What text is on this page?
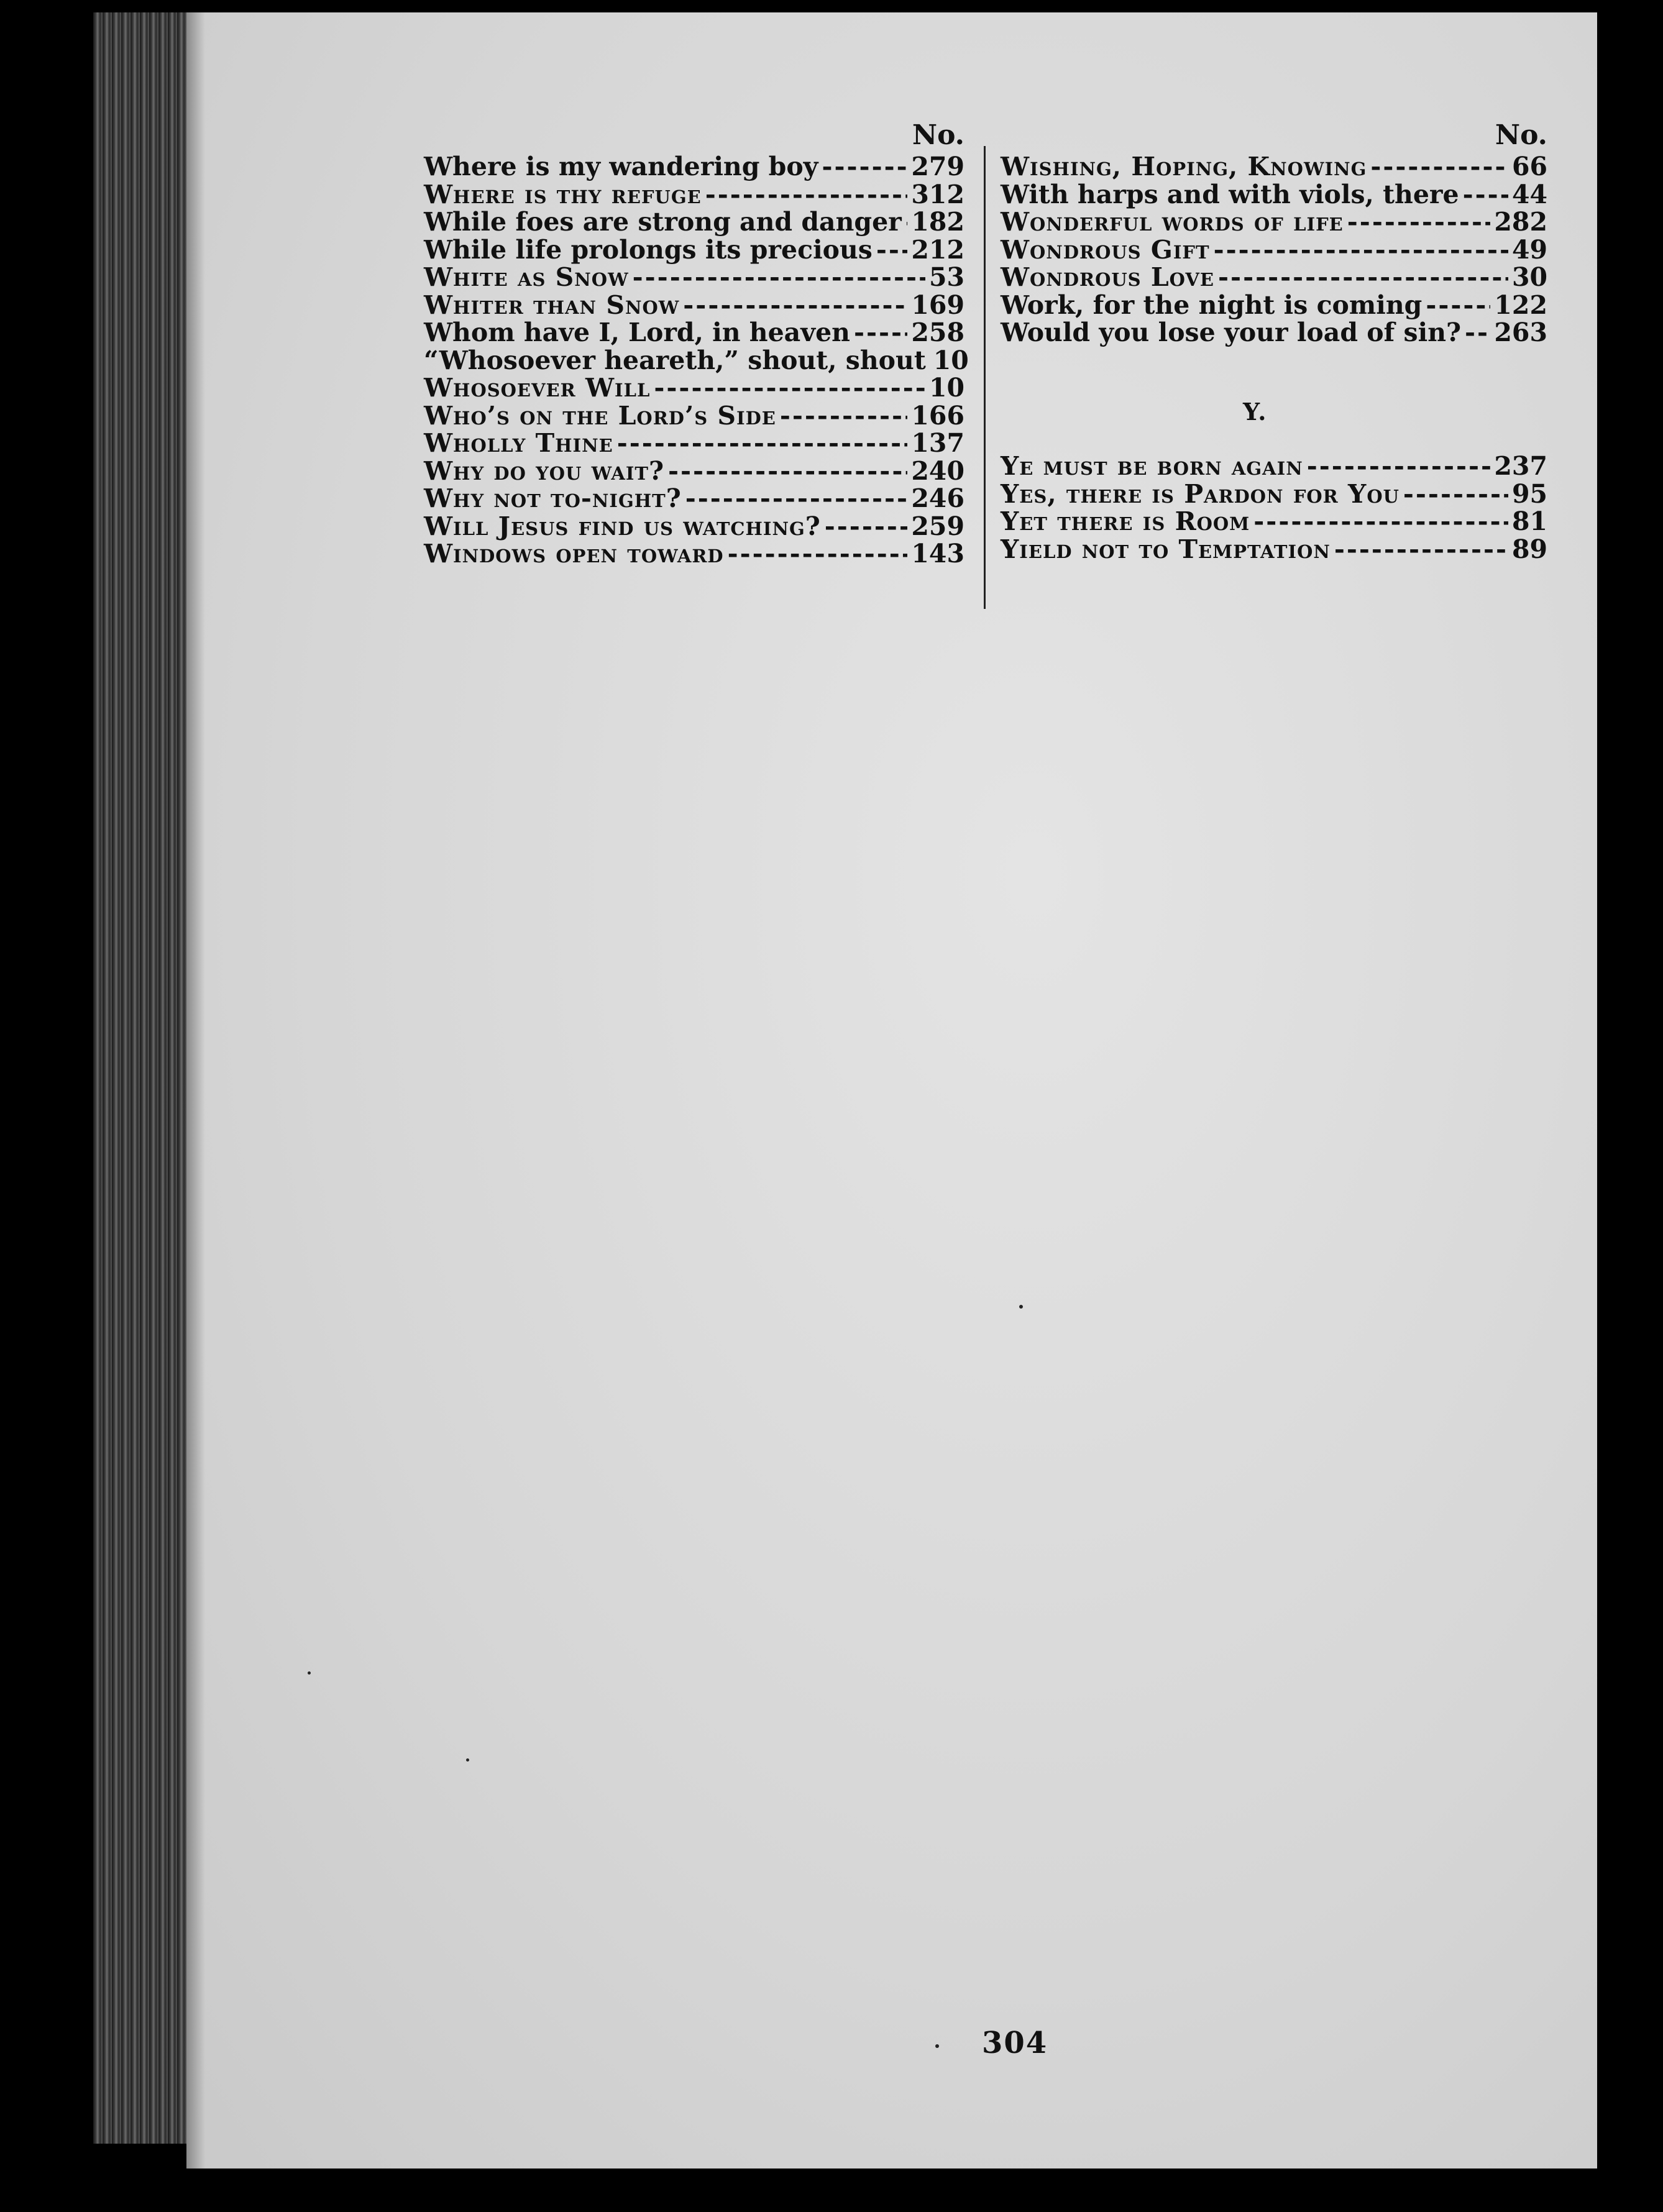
No.
Where is my wandering boy -----	279
Where is thy refuge -----	312
While foes are strong and danger ----- 182
While life prolongs its precious ----- 212
White as Snow -----	53
Whiter than Snow -----	169
Whom have I, Lord, in heaven ----- 258
“Whosoever heareth,” shout, shout 10
Whosoever Will -----	10
Who’s on the Lord’s Side -----	166
Wholly Thine -----	137
Why do you wait? -----	240
Why not to-night? -----	246
Will Jesus find us watching? -----	259
Windows open toward -----	143
No.
Wishing, Hoping, Knowing -----	66
With harps and with viols, there ----- 44
Wonderful words of life -----	282
Wondrous Gift -----	49
Wondrous Love -----	30
Work, for the night is coming -----	122
Would you lose your load of sin? ----- 263
Y.
Ye must be born again -----	237
Yes, there is Pardon for You -----	95
Yet there is Room -----	81
Yield not to Temptation -----	89
304
